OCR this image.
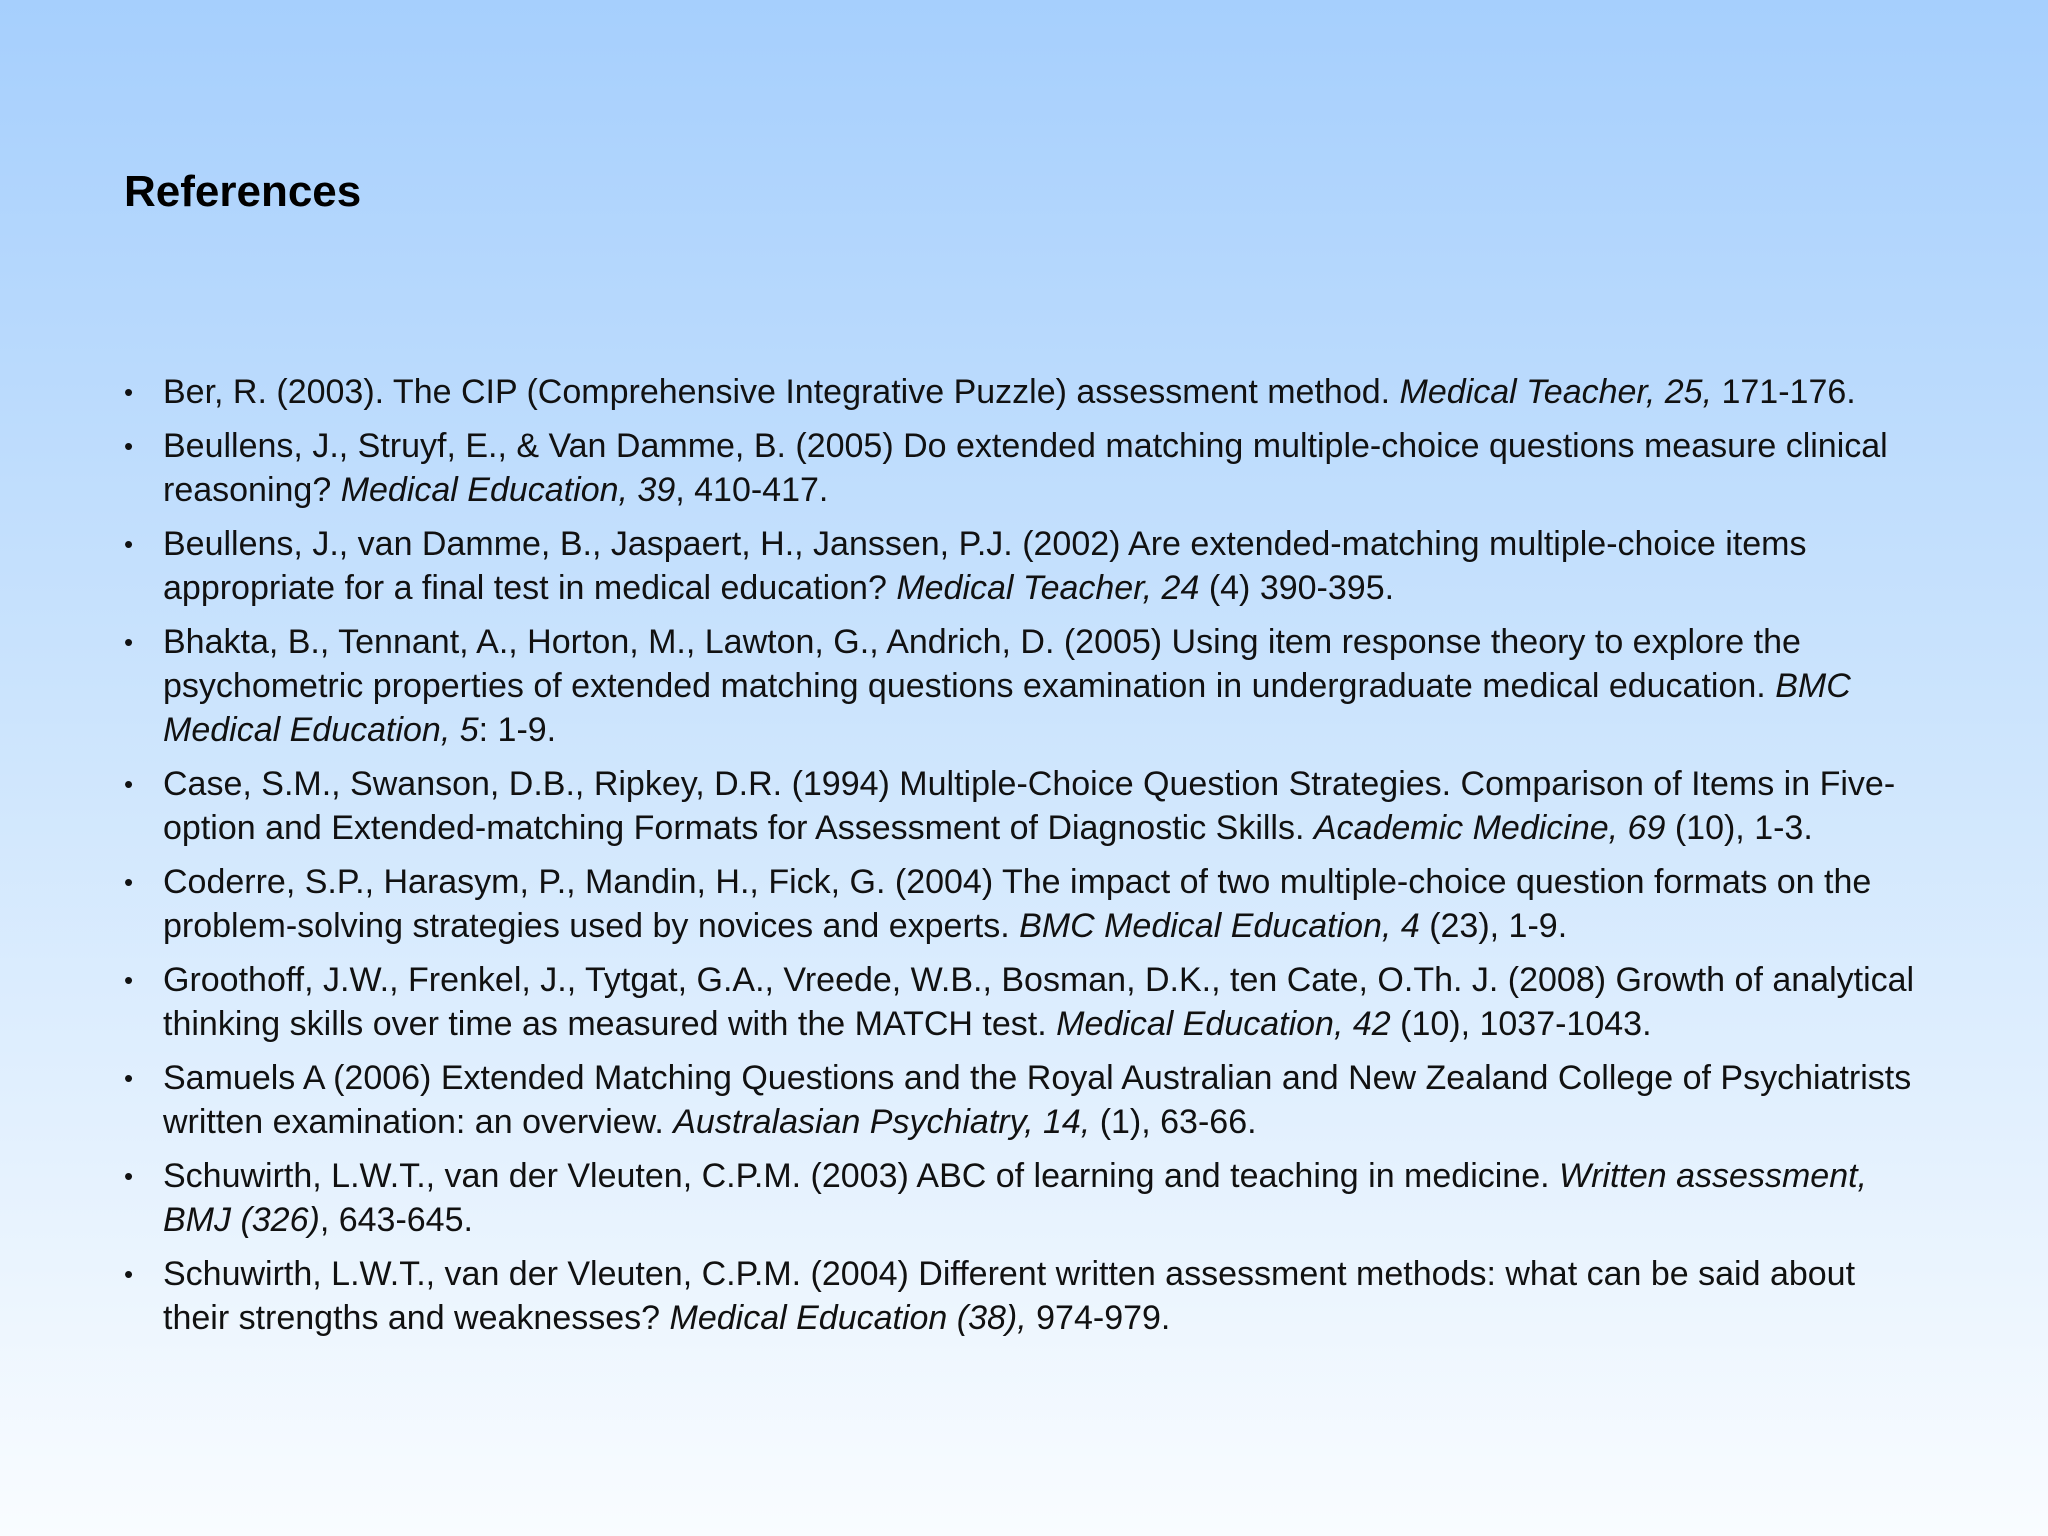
References
• Ber, R. (2003). The CIP (Comprehensive Integrative Puzzle) assessment method. Medical Teacher, 25, 171-176.
• Beullens, J., Struyf, E., & Van Damme, B. (2005) Do extended matching multiple-choice questions measure clinical reasoning? Medical Education, 39, 410-417.
• Beullens, J., van Damme, B., Jaspaert, H., Janssen, P.J. (2002) Are extended-matching multiple-choice items appropriate for a final test in medical education? Medical Teacher, 24 (4) 390-395.
• Bhakta, B., Tennant, A., Horton, M., Lawton, G., Andrich, D. (2005) Using item response theory to explore the psychometric properties of extended matching questions examination in undergraduate medical education. BMC Medical Education, 5: 1-9.
• Case, S.M., Swanson, D.B., Ripkey, D.R. (1994) Multiple-Choice Question Strategies. Comparison of Items in Five-option and Extended-matching Formats for Assessment of Diagnostic Skills. Academic Medicine, 69 (10), 1-3.
• Coderre, S.P., Harasym, P., Mandin, H., Fick, G. (2004) The impact of two multiple-choice question formats on the problem-solving strategies used by novices and experts. BMC Medical Education, 4 (23), 1-9.
• Groothoff, J.W., Frenkel, J., Tytgat, G.A., Vreede, W.B., Bosman, D.K., ten Cate, O.Th. J. (2008) Growth of analytical thinking skills over time as measured with the MATCH test. Medical Education, 42 (10), 1037-1043.
• Samuels A (2006) Extended Matching Questions and the Royal Australian and New Zealand College of Psychiatrists written examination: an overview. Australasian Psychiatry, 14, (1), 63-66.
• Schuwirth, L.W.T., van der Vleuten, C.P.M. (2003) ABC of learning and teaching in medicine. Written assessment, BMJ (326), 643-645.
• Schuwirth, L.W.T., van der Vleuten, C.P.M. (2004) Different written assessment methods: what can be said about their strengths and weaknesses? Medical Education (38), 974-979.
